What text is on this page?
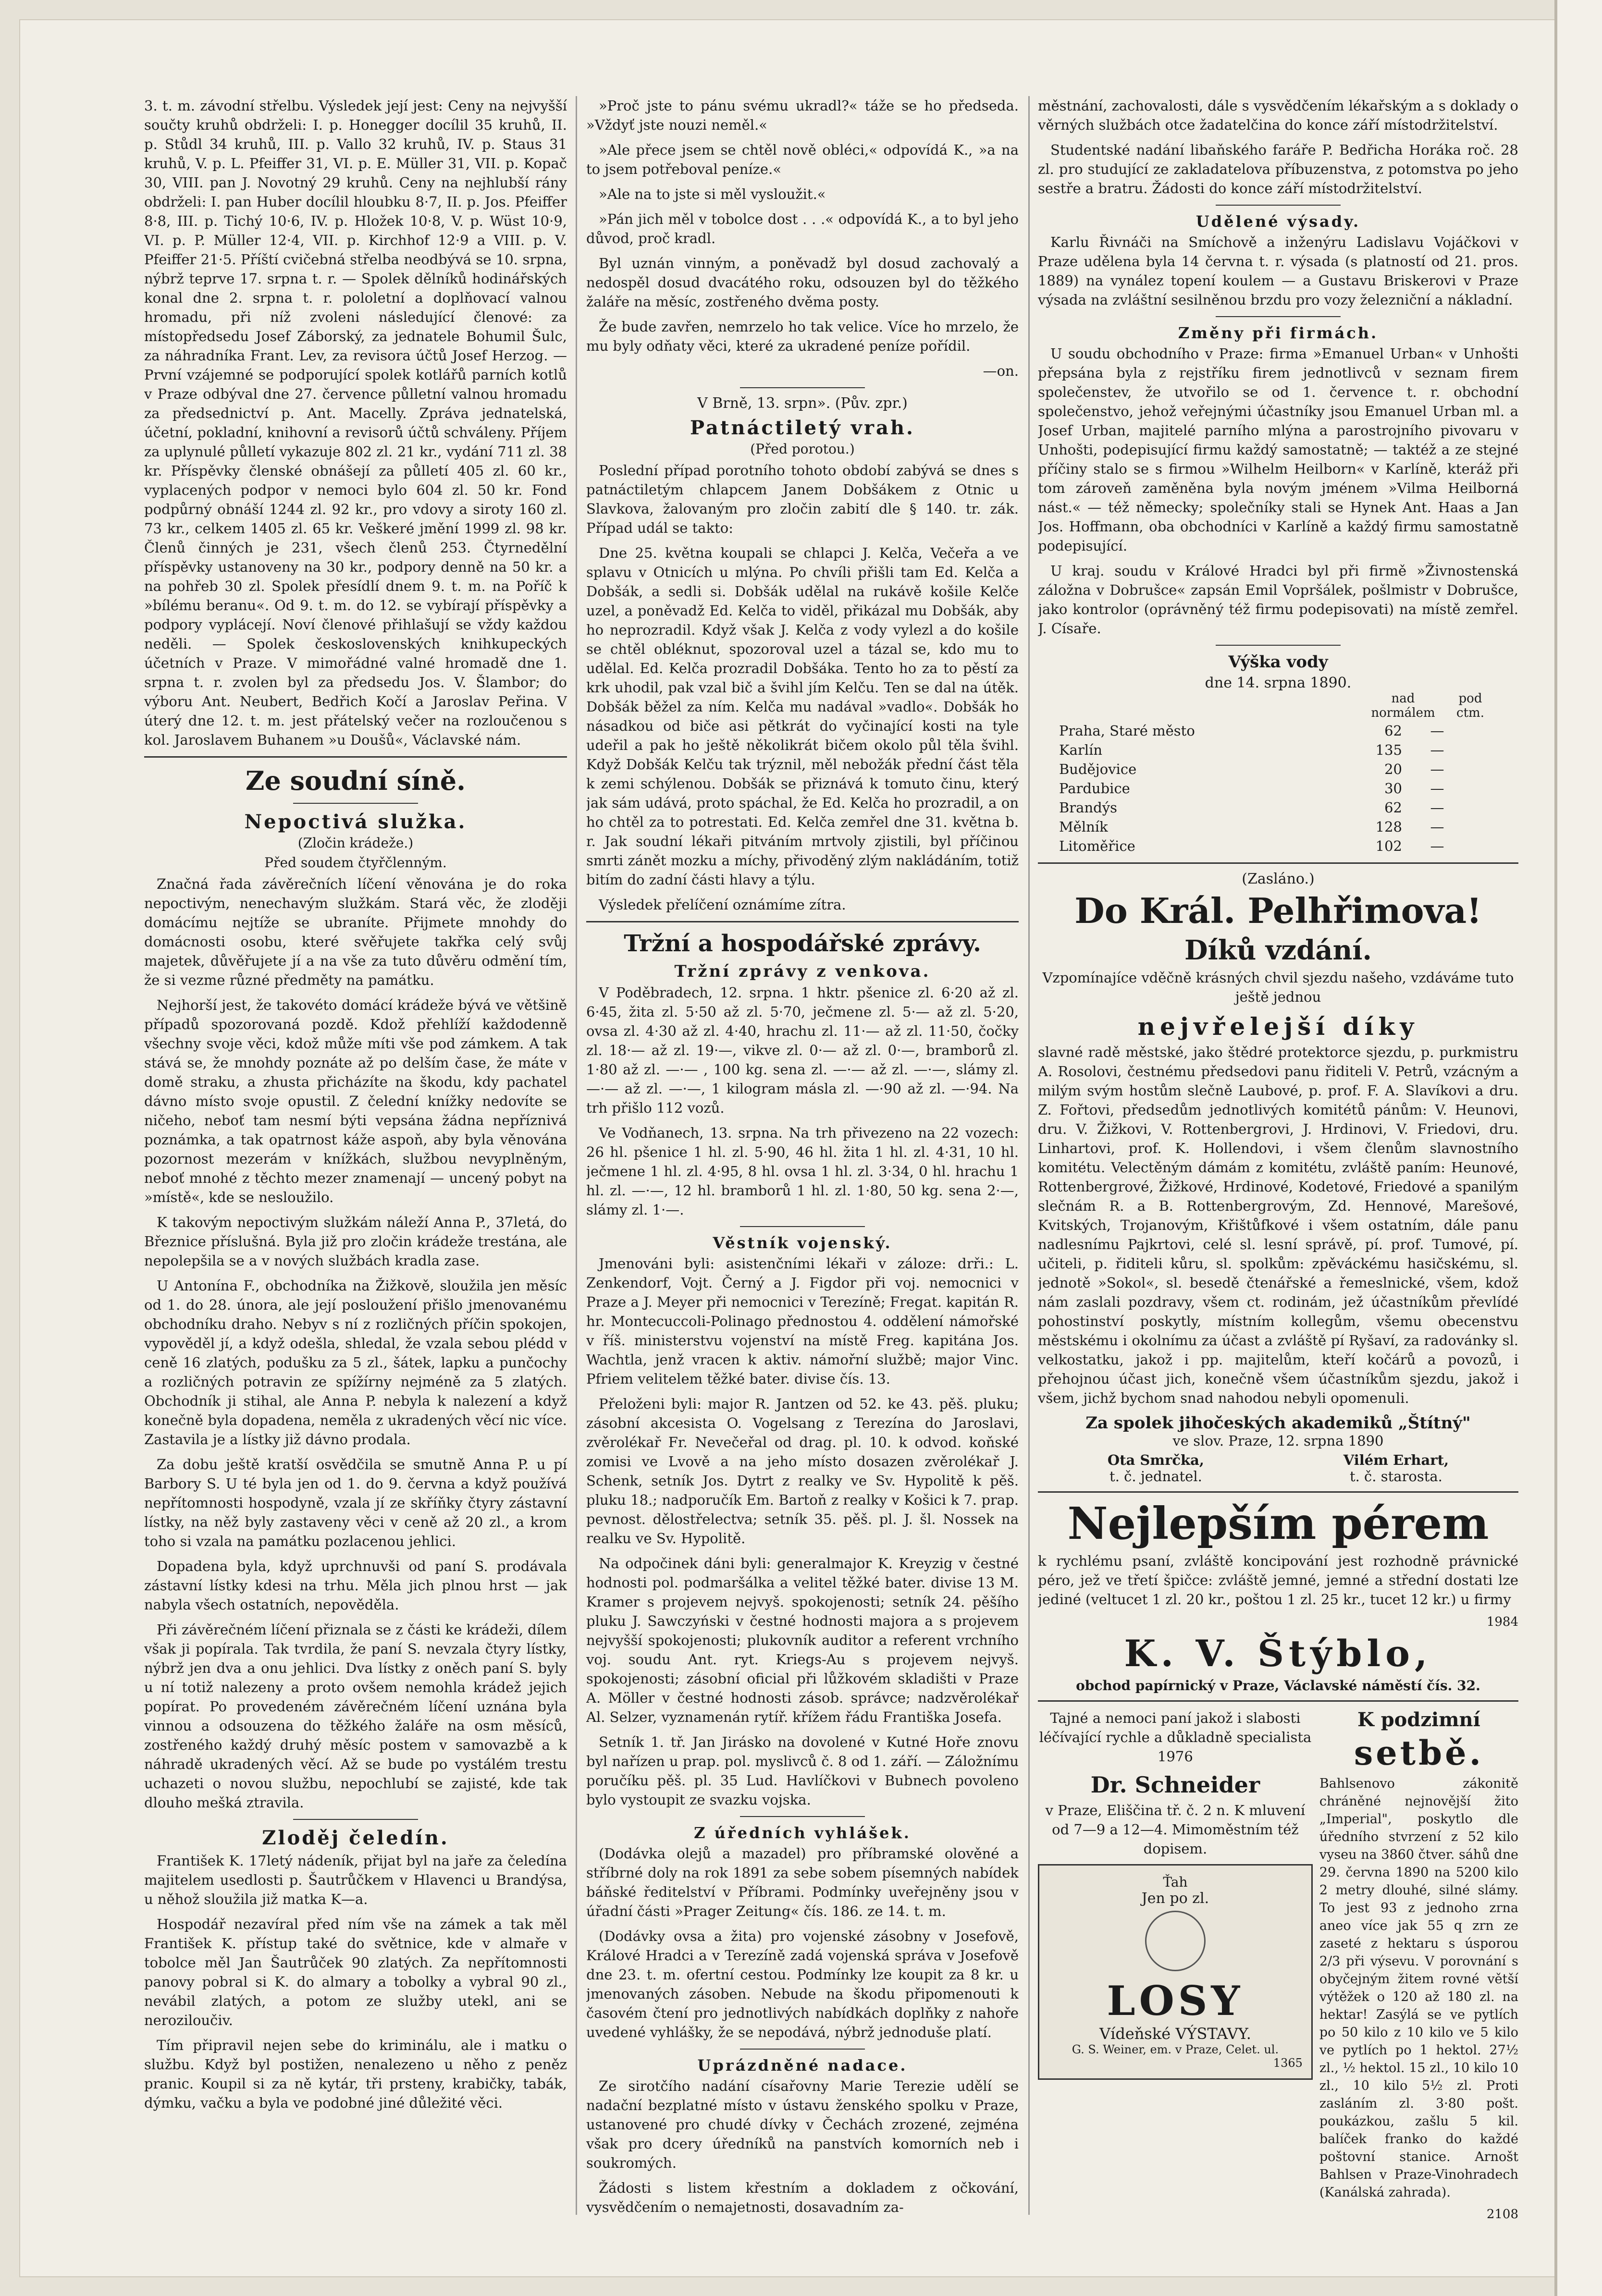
3. t. m. závodní střelbu. Výsledek její jest: Ceny na nejvyšší součty kruhů obdrželi: I. p. Honegger docílil 35 kruhů, II. p. Stůdl 34 kruhů, III. p. Vallo 32 kruhů, IV. p. Staus 31 kruhů, V. p. L. Pfeiffer 31, VI. p. E. Müller 31, VII. p. Kopač 30, VIII. pan J. Novotný 29 kruhů. Ceny na nejhlubší rány obdrželi: I. pan Huber docílil hloubku 8·7, II. p. Jos. Pfeiffer 8·8, III. p. Tichý 10·6, IV. p. Hložek 10·8, V. p. Wüst 10·9, VI. p. P. Müller 12·4, VII. p. Kirchhof 12·9 a VIII. p. V. Pfeiffer 21·5. Příští cvičebná střelba neodbývá se 10. srpna, nýbrž teprve 17. srpna t. r. — Spolek dělníků hodinářských konal dne 2. srpna t. r. pololetní a doplňovací valnou hromadu, při níž zvoleni následující členové: za místopředsedu Josef Záborský, za jednatele Bohumil Šulc, za náhradníka Frant. Lev, za revisora účtů Josef Herzog. — První vzájemné se podporující spolek kotlářů parních kotlů v Praze odbýval dne 27. července půlletní valnou hromadu za předsednictví p. Ant. Macelly. Zpráva jednatelská, účetní, pokladní, knihovní a revisorů účtů schváleny. Příjem za uplynulé půlletí vykazuje 802 zl. 21 kr., vydání 711 zl. 38 kr. Příspěvky členské obnášejí za půlletí 405 zl. 60 kr., vyplacených podpor v nemoci bylo 604 zl. 50 kr. Fond podpůrný obnáší 1244 zl. 92 kr., pro vdovy a siroty 160 zl. 73 kr., celkem 1405 zl. 65 kr. Veškeré jmění 1999 zl. 98 kr. Členů činných je 231, všech členů 253. Čtyrnedělní příspěvky ustanoveny na 30 kr., podpory denně na 50 kr. a na pohřeb 30 zl. Spolek přesídlí dnem 9. t. m. na Poříč k »bílému beranu«. Od 9. t. m. do 12. se vybírají příspěvky a podpory vyplácejí. Noví členové přihlašují se vždy každou neděli. — Spolek československých knihkupeckých účetních v Praze. V mimořádné valné hromadě dne 1. srpna t. r. zvolen byl za předsedu Jos. V. Šlambor; do výboru Ant. Neubert, Bedřich Kočí a Jaroslav Peřina. V úterý dne 12. t. m. jest přátelský večer na rozloučenou s kol. Jaroslavem Buhanem »u Doušů«, Václavské nám.

Ze soudní síně.
Nepoctivá služka.
(Zločin krádeže.)
Před soudem čtyřčlenným.

Značná řada závěrečních líčení věnována je do roka nepoctivým, nenechavým služkám. Stará věc, že zloději domácímu nejtíže se ubraníte. Přijmete mnohdy do domácnosti osobu, které svěřujete takřka celý svůj majetek, důvěřujete jí a na vše za tuto důvěru odmění tím, že si vezme různé předměty na památku.

Nejhorší jest, že takovéto domácí krádeže bývá ve většině případů spozorovaná pozdě. Kdož přehlíží každodenně všechny svoje věci, kdož může míti vše pod zámkem. A tak stává se, že mnohdy poznáte až po delším čase, že máte v domě straku, a zhusta přicházíte na škodu, kdy pachatel dávno místo svoje opustil. Z čelední knížky nedovíte se ničeho, neboť tam nesmí býti vepsána žádna nepříznivá poznámka, a tak opatrnost káže aspoň, aby byla věnována pozornost mezerám v knížkách, službou nevyplněným, neboť mnohé z těchto mezer znamenají — uncený pobyt na »místě«, kde se nesloužilo.

K takovým nepoctivým služkám náleží Anna P., 37letá, do Březnice příslušná. Byla již pro zločin krádeže trestána, ale nepolepšila se a v nových službách kradla zase.

U Antonína F., obchodníka na Žižkově, sloužila jen měsíc od 1. do 28. února, ale její posloužení přišlo jmenovanému obchodníku draho. Nebyv s ní z rozličných příčin spokojen, vypověděl jí, a když odešla, shledal, že vzala sebou plédd v ceně 16 zlatých, podušku za 5 zl., šátek, lapku a punčochy a rozličných potravin ze spížírny nejméně za 5 zlatých. Obchodník ji stihal, ale Anna P. nebyla k nalezení a když konečně byla dopadena, neměla z ukradených věcí nic více. Zastavila je a lístky již dávno prodala.

Za dobu ještě kratší osvědčila se smutně Anna P. u pí Barbory S. U té byla jen od 1. do 9. června a když používá nepřítomnosti hospodyně, vzala jí ze skříňky čtyry zástavní lístky, na něž byly zastaveny věci v ceně až 20 zl., a krom toho si vzala na památku pozlacenou jehlici.

Dopadena byla, když uprchnuvši od paní S. prodávala zástavní lístky kdesi na trhu. Měla jich plnou hrst — jak nabyla všech ostatních, nepověděla.

Při závěrečném líčení přiznala se z části ke krádeži, dílem však ji popírala. Tak tvrdila, že paní S. nevzala čtyry lístky, nýbrž jen dva a onu jehlici. Dva lístky z oněch paní S. byly u ní totiž nalezeny a proto ovšem nemohla krádež jejich popírat. Po provedeném závěrečném líčení uznána byla vinnou a odsouzena do těžkého žaláře na osm měsíců, zostřeného každý druhý měsíc postem v samovazbě a k náhradě ukradených věcí. Až se bude po vystálém trestu uchazeti o novou službu, nepochlubí se zajisté, kde tak dlouho mešká ztravila.

Zloděj čeledín.

František K. 17letý nádeník, přijat byl na jaře za čeledína majitelem usedlosti p. Šautrůčkem v Hlavenci u Brandýsa, u něhož sloužila již matka K—a.

Hospodář nezavíral před ním vše na zámek a tak měl František K. přístup také do světnice, kde v almaře v tobolce měl Jan Šautrůček 90 zlatých. Za nepřítomnosti panovy pobral si K. do almary a tobolky a vybral 90 zl., nevábil zlatých, a potom ze služby utekl, ani se neroziloučiv.

Tím připravil nejen sebe do kriminálu, ale i matku o službu. Když byl postižen, nenalezeno u něho z peněz pranic. Koupil si za ně kytár, tři prsteny, krabičky, tabák, dýmku, vačku a byla ve podobné jiné důležité věci.

»Proč jste to pánu svému ukradl?« táže se ho předseda. »Vždyť jste nouzi neměl.«

»Ale přece jsem se chtěl nově obléci,« odpovídá K., »a na to jsem potřeboval peníze.«

»Ale na to jste si měl vysloužit.«

»Pán jich měl v tobolce dost . . .« odpovídá K., a to byl jeho důvod, proč kradl.

Byl uznán vinným, a poněvadž byl dosud zachovalý a nedospěl dosud dvacátého roku, odsouzen byl do těžkého žaláře na měsíc, zostřeného dvěma posty.

Že bude zavřen, nemrzelo ho tak velice. Více ho mrzelo, že mu byly odňaty věci, které za ukradené peníze pořídil.

—on.

V Brně, 13. srpn». (Pův. zpr.)
Patnáctiletý vrah.
(Před porotou.)

Poslední případ porotního tohoto období zabývá se dnes s patnáctiletým chlapcem Janem Dobšákem z Otnic u Slavkova, žalovaným pro zločin zabití dle § 140. tr. zák. Případ udál se takto:

Dne 25. května koupali se chlapci J. Kelča, Večeřa a ve splavu v Otnicích u mlýna. Po chvíli přišli tam Ed. Kelča a Dobšák, a sedli si. Dobšák udělal na rukávě košile Kelče uzel, a poněvadž Ed. Kelča to viděl, přikázal mu Dobšák, aby ho neprozradil. Když však J. Kelča z vody vylezl a do košile se chtěl obléknut, spozoroval uzel a tázal se, kdo mu to udělal. Ed. Kelča prozradil Dobšáka. Tento ho za to pěstí za krk uhodil, pak vzal bič a švihl jím Kelču. Ten se dal na útěk. Dobšák běžel za ním. Kelča mu nadával »vadlo«. Dobšák ho násadkou od biče asi pětkrát do vyčinající kosti na tyle udeřil a pak ho ještě několikrát bičem okolo půl těla švihl. Když Dobšák Kelču tak trýznil, měl nebožák přední část těla k zemi schýlenou. Dobšák se přiznává k tomuto činu, který jak sám udává, proto spáchal, že Ed. Kelča ho prozradil, a on ho chtěl za to potrestati. Ed. Kelča zemřel dne 31. května b. r. Jak soudní lékaři pitváním mrtvoly zjistili, byl příčinou smrti zánět mozku a míchy, přivoděný zlým nakládáním, totiž bitím do zadní části hlavy a týlu.

Výsledek přelíčení oznámíme zítra.

Tržní a hospodářské zprávy.
Tržní zprávy z venkova.

V Poděbradech, 12. srpna. 1 hktr. pšenice zl. 6·20 až zl. 6·45, žita zl. 5·50 až zl. 5·70, ječmene zl. 5·— až zl. 5·20, ovsa zl. 4·30 až zl. 4·40, hrachu zl. 11·— až zl. 11·50, čočky zl. 18·— až zl. 19·—, vikve zl. 0·— až zl. 0·—, bramborů zl. 1·80 až zl. —·— , 100 kg. sena zl. —·— až zl. —·—, slámy zl. —·— až zl. —·—, 1 kilogram másla zl. —·90 až zl. —·94. Na trh přišlo 112 vozů.

Ve Vodňanech, 13. srpna. Na trh přivezeno na 22 vozech: 26 hl. pšenice 1 hl. zl. 5·90, 46 hl. žita 1 hl. zl. 4·31, 10 hl. ječmene 1 hl. zl. 4·95, 8 hl. ovsa 1 hl. zl. 3·34, 0 hl. hrachu 1 hl. zl. —·—, 12 hl. bramborů 1 hl. zl. 1·80, 50 kg. sena 2·—, slámy zl. 1·—.

Věstník vojenský.

Jmenováni byli: asistenčními lékaři v záloze: drři.: L. Zenkendorf, Vojt. Černý a J. Figdor při voj. nemocnici v Praze a J. Meyer při nemocnici v Terezíně; Fregat. kapitán R. hr. Montecuccoli-Polinago přednostou 4. oddělení námořské v říš. ministerstvu vojenství na místě Freg. kapitána Jos. Wachtla, jenž vracen k aktiv. námořní službě; major Vinc. Pfriem velitelem těžké bater. divise čís. 13.

Přeloženi byli: major R. Jantzen od 52. ke 43. pěš. pluku; zásobní akcesista O. Vogelsang z Terezína do Jaroslavi, zvěrolékař Fr. Nevečeřal od drag. pl. 10. k odvod. koňské zomisi ve Lvově a na jeho místo dosazen zvěrolékař J. Schenk, setník Jos. Dytrt z realky ve Sv. Hypolitě k pěš. pluku 18.; nadporučík Em. Bartoň z realky v Košici k 7. prap. pevnost. dělostřelectva; setník 35. pěš. pl. J. šl. Nossek na realku ve Sv. Hypolitě.

Na odpočinek dáni byli: generalmajor K. Kreyzig v čestné hodnosti pol. podmaršálka a velitel těžké bater. divise 13 M. Kramer s projevem nejvyš. spokojenosti; setník 24. pěšího pluku J. Sawczyński v čestné hodnosti majora a s projevem nejvyšší spokojenosti; plukovník auditor a referent vrchního voj. soudu Ant. ryt. Kriegs-Au s projevem nejvyš. spokojenosti; zásobní oficial při lůžkovém skladišti v Praze A. Möller v čestné hodnosti zásob. správce; nadzvěrolékař Al. Selzer, vyznamenán rytíř. křížem řádu Františka Josefa.

Setník 1. tř. Jan Jirásko na dovolené v Kutné Hoře znovu byl nařízen u prap. pol. myslivců č. 8 od 1. září. — Záložnímu poručíku pěš. pl. 35 Lud. Havlíčkovi v Bubnech povoleno bylo vystoupit ze svazku vojska.

Z úředních vyhlášek.

(Dodávka olejů a mazadel) pro příbramské olověné a stříbrné doly na rok 1891 za sebe sobem písemných nabídek báňské ředitelství v Příbrami. Podmínky uveřejněny jsou v úřadní části »Prager Zeitung« čís. 186. ze 14. t. m.

(Dodávky ovsa a žita) pro vojenské zásobny v Josefově, Králové Hradci a v Terezíně zadá vojenská správa v Josefově dne 23. t. m. ofertní cestou. Podmínky lze koupit za 8 kr. u jmenovaných zásoben. Nebude na škodu připomenouti k časovém čtení pro jednotlivých nabídkách doplňky z nahoře uvedené vyhlášky, že se nepodává, nýbrž jednoduše platí.

Uprázdněné nadace.

Ze sirotčího nadání císařovny Marie Terezie udělí se nadační bezplatné místo v ústavu ženského spolku v Praze, ustanovené pro chudé dívky v Čechách zrozené, zejména však pro dcery úředníků na panstvích komorních neb i soukromých.

Žádosti s listem křestním a dokladem z očkování, vysvědčením o nemajetnosti, dosavadním za-

městnání, zachovalosti, dále s vysvědčením lékařským a s doklady o věrných službách otce žadatelčina do konce září místodržitelství.

Studentské nadání libaňského faráře P. Bedřicha Horáka roč. 28 zl. pro studující ze zakladatelova příbuzenstva, z potomstva po jeho sestře a bratru. Žádosti do konce září místodržitelství.

Udělené výsady.

Karlu Řivnáči na Smíchově a inženýru Ladislavu Vojáčkovi v Praze udělena byla 14 června t. r. výsada (s platností od 21. pros. 1889) na vynález topení koulem — a Gustavu Briskerovi v Praze výsada na zvláštní sesilněnou brzdu pro vozy železniční a nákladní.

Změny při firmách.

U soudu obchodního v Praze: firma »Emanuel Urban« v Unhošti přepsána byla z rejstříku firem jednotlivců v seznam firem společenstev, že utvořilo se od 1. července t. r. obchodní společenstvo, jehož veřejnými účastníky jsou Emanuel Urban ml. a Josef Urban, majitelé parního mlýna a parostrojního pivovaru v Unhošti, podepisující firmu každý samostatně; — taktéž a ze stejné příčiny stalo se s firmou »Wilhelm Heilborn« v Karlíně, kteráž při tom zároveň zaměněna byla novým jménem »Vilma Heilborná nást.« — též německy; společníky stali se Hynek Ant. Haas a Jan Jos. Hoffmann, oba obchodníci v Karlíně a každý firmu samostatně podepisující.

U kraj. soudu v Králové Hradci byl při firmě »Živnostenská záložna v Dobrušce« zapsán Emil Vopršálek, pošlmistr v Dobrušce, jako kontrolor (oprávněný též firmu podepisovati) na místě zemřel. J. Císaře.

Výška vody
dne 14. srpna 1890.
nad	pod
normálem	ctm.
Praha, Staré město	62	—
Karlín	135	—
Budějovice	20	—
Pardubice	30	—
Brandýs	62	—
Mělník	128	—
Litoměřice	102	—
(Zasláno.)
Do Král. Pelhřimova!
Díků vzdání.

Vzpomínajíce vděčně krásných chvil sjezdu našeho, vzdáváme tuto ještě jednou

nejvřelejší díky

slavné radě městské, jako štědré protektorce sjezdu, p. purkmistru A. Rosolovi, čestnému předsedovi panu řiditeli V. Petrů, vzácným a milým svým hostům slečně Laubové, p. prof. F. A. Slavíkovi a dru. Z. Fořtovi, předsedům jednotlivých komitétů pánům: V. Heunovi, dru. V. Žižkovi, V. Rottenbergrovi, J. Hrdinovi, V. Friedovi, dru. Linhartovi, prof. K. Hollendovi, i všem členům slavnostního komitétu. Velectěným dámám z komitétu, zvláště paním: Heunové, Rottenbergrové, Žižkové, Hrdinové, Kodetové, Friedové a spanilým slečnám R. a B. Rottenbergrovým, Zd. Hennové, Marešové, Kvitských, Trojanovým, Křištůfkové i všem ostatním, dále panu nadlesnímu Pajkrtovi, celé sl. lesní správě, pí. prof. Tumové, pí. učiteli, p. řiditeli kůru, sl. spolkům: zpěváckému hasičskému, sl. jednotě »Sokol«, sl. besedě čtenářské a řemeslnické, všem, kdož nám zaslali pozdravy, všem ct. rodinám, jež účastníkům převlídé pohostinství poskytly, místním kollegům, všemu obecenstvu městskému i okolnímu za účast a zvláště pí Ryšaví, za radovánky sl. velkostatku, jakož i pp. majitelům, kteří kočárů a povozů, i přehojnou účast jich, konečně všem účastníkům sjezdu, jakož i všem, jichž bychom snad nahodou nebyli opomenuli.

Za spolek jihočeských akademiků „Štítný"
ve slov. Praze, 12. srpna 1890
Ota Smrčka,
t. č. jednatel.
Vilém Erhart,
t. č. starosta.
Nejlepším pérem

k rychlému psaní, zvláště koncipování jest rozhodně právnické péro, jež ve třetí špičce: zvláště jemné, jemné a střední dostati lze jediné (veltucet 1 zl. 20 kr., poštou 1 zl. 25 kr., tucet 12 kr.) u firmy

1984
K. V. Štýblo,
obchod papírnický v Praze, Václavské náměstí čís. 32.

Tajné a nemoci paní jakož i slabosti léčívající rychle a důkladně specialista 1976

Dr. Schneider

v Praze, Eliščina tř. č. 2 n. K mluvení od 7—9 a 12—4. Mimoměstním též dopisem.

Ťah
Jen po zl.
LOSY
Vídeňské VÝSTAVY.
G. S. Weiner, em. v Praze, Celet. ul.
1365
K podzimní
setbě.

Bahlsenovo zákonitě chráněné nejnovější žito „Imperial", poskytlo dle úředního stvrzení z 52 kilo vyseu na 3860 čtver. sáhů dne 29. června 1890 na 5200 kilo 2 metry dlouhé, silné slámy. To jest 93 z jednoho zrna aneo více jak 55 q zrn ze zaseté z hektaru s úsporou 2/3 při výsevu. V porovnání s obyčejným žitem rovné větší výtěžek o 120 až 180 zl. na hektar! Zasýlá se ve pytlích po 50 kilo z 10 kilo ve 5 kilo ve pytlích po 1 hektol. 27½ zl., ½ hektol. 15 zl., 10 kilo 10 zl., 10 kilo 5½ zl. Proti zasláním zl. 3·80 pošt. poukázkou, zašlu 5 kil. balíček franko do každé poštovní stanice. Arnošt Bahlsen v Praze-Vinohradech (Kanálská zahrada).

2108
